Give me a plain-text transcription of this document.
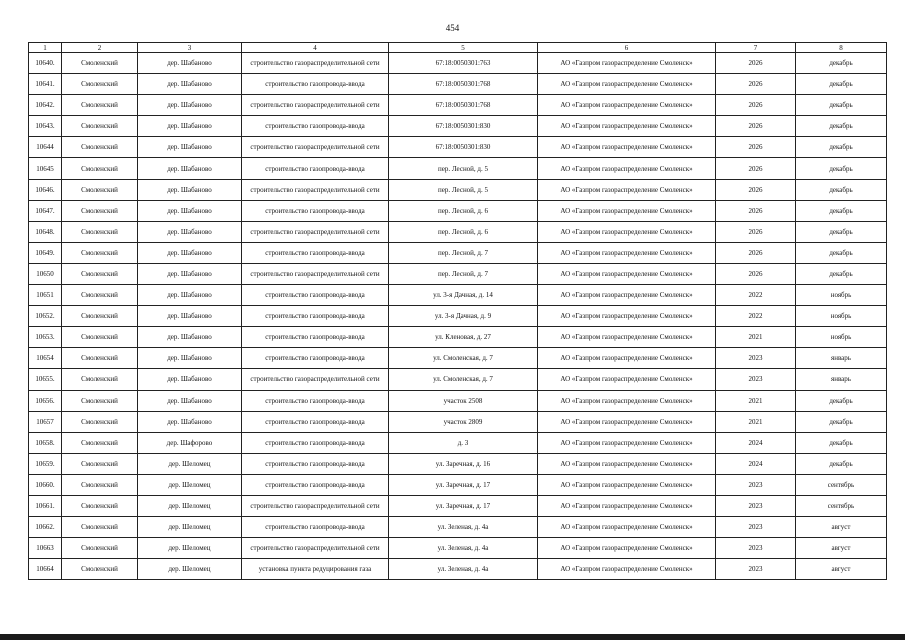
454
1	2	3	4	5	6	7	8
10640.	Смоленский	дер. Шабаново	строительство газораспределительной сети	67:18:0050301:763	АО «Газпром газораспределение Смоленск»	2026	декабрь
10641.	Смоленский	дер. Шабаново	строительство газопровода-ввода	67:18:0050301:768	АО «Газпром газораспределение Смоленск»	2026	декабрь
10642.	Смоленский	дер. Шабаново	строительство газораспределительной сети	67:18:0050301:768	АО «Газпром газораспределение Смоленск»	2026	декабрь
10643.	Смоленский	дер. Шабаново	строительство газопровода-ввода	67:18:0050301:830	АО «Газпром газораспределение Смоленск»	2026	декабрь
10644	Смоленский	дер. Шабаново	строительство газораспределительной сети	67:18:0050301:830	АО «Газпром газораспределение Смоленск»	2026	декабрь
10645	Смоленский	дер. Шабаново	строительство газопровода-ввода	пер. Лесной, д. 5	АО «Газпром газораспределение Смоленск»	2026	декабрь
10646.	Смоленский	дер. Шабаново	строительство газораспределительной сети	пер. Лесной, д. 5	АО «Газпром газораспределение Смоленск»	2026	декабрь
10647.	Смоленский	дер. Шабаново	строительство газопровода-ввода	пер. Лесной, д. 6	АО «Газпром газораспределение Смоленск»	2026	декабрь
10648.	Смоленский	дер. Шабаново	строительство газораспределительной сети	пер. Лесной, д. 6	АО «Газпром газораспределение Смоленск»	2026	декабрь
10649.	Смоленский	дер. Шабаново	строительство газопровода-ввода	пер. Лесной, д. 7	АО «Газпром газораспределение Смоленск»	2026	декабрь
10650	Смоленский	дер. Шабаново	строительство газораспределительной сети	пер. Лесной, д. 7	АО «Газпром газораспределение Смоленск»	2026	декабрь
10651	Смоленский	дер. Шабаново	строительство газопровода-ввода	ул. 3-я Дачная, д. 14	АО «Газпром газораспределение Смоленск»	2022	ноябрь
10652.	Смоленский	дер. Шабаново	строительство газопровода-ввода	ул. 3-я Дачная, д. 9	АО «Газпром газораспределение Смоленск»	2022	ноябрь
10653.	Смоленский	дер. Шабаново	строительство газопровода-ввода	ул. Кленовая, д. 27	АО «Газпром газораспределение Смоленск»	2021	ноябрь
10654	Смоленский	дер. Шабаново	строительство газопровода-ввода	ул. Смоленская, д. 7	АО «Газпром газораспределение Смоленск»	2023	январь
10655.	Смоленский	дер. Шабаново	строительство газораспределительной сети	ул. Смоленская, д. 7	АО «Газпром газораспределение Смоленск»	2023	январь
10656.	Смоленский	дер. Шабаново	строительство газопровода-ввода	участок 2508	АО «Газпром газораспределение Смоленск»	2021	декабрь
10657	Смоленский	дер. Шабаново	строительство газопровода-ввода	участок 2809	АО «Газпром газораспределение Смоленск»	2021	декабрь
10658.	Смоленский	дер. Шафорово	строительство газопровода-ввода	д. 3	АО «Газпром газораспределение Смоленск»	2024	декабрь
10659.	Смоленский	дер. Шеломец	строительство газопровода-ввода	ул. Заречная, д. 16	АО «Газпром газораспределение Смоленск»	2024	декабрь
10660.	Смоленский	дер. Шеломец	строительство газопровода-ввода	ул. Заречная, д. 17	АО «Газпром газораспределение Смоленск»	2023	сентябрь
10661.	Смоленский	дер. Шеломец	строительство газораспределительной сети	ул. Заречная, д. 17	АО «Газпром газораспределение Смоленск»	2023	сентябрь
10662.	Смоленский	дер. Шеломец	строительство газопровода-ввода	ул. Зеленая, д. 4а	АО «Газпром газораспределение Смоленск»	2023	август
10663	Смоленский	дер. Шеломец	строительство газораспределительной сети	ул. Зеленая, д. 4а	АО «Газпром газораспределение Смоленск»	2023	август
10664	Смоленский	дер. Шеломец	установка пункта редуцирования газа	ул. Зеленая, д. 4а	АО «Газпром газораспределение Смоленск»	2023	август
